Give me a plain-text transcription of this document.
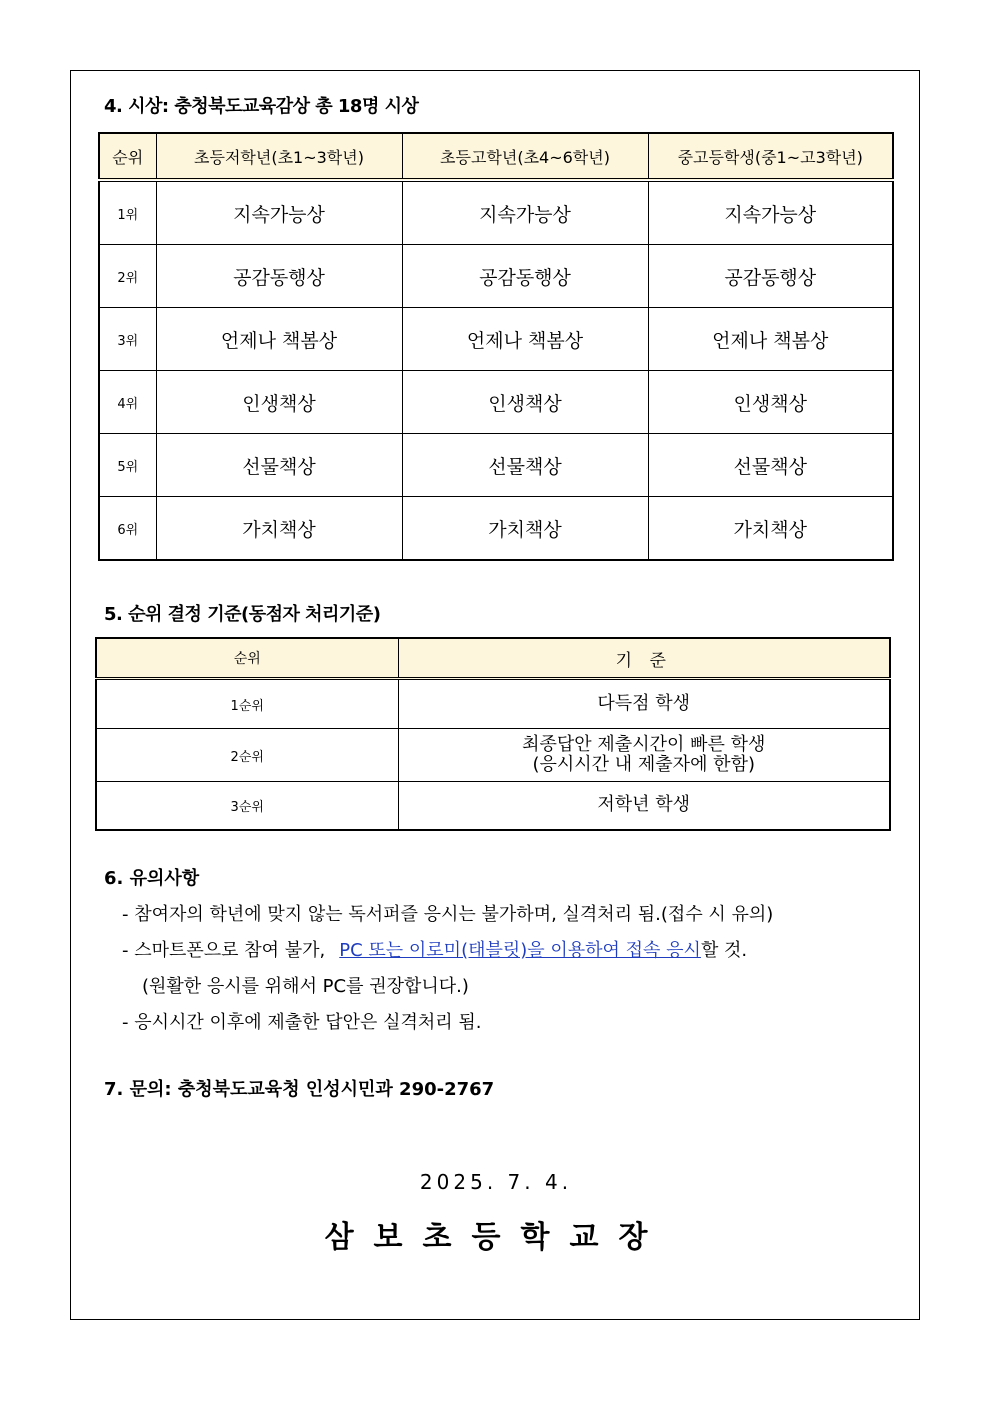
4. 시상: 충청북도교육감상 총 18명 시상
순위	초등저학년(초1~3학년)	초등고학년(초4~6학년)	중고등학생(중1~고3학년)
1위	지속가능상	지속가능상	지속가능상
2위	공감동행상	공감동행상	공감동행상
3위	언제나 책봄상	언제나 책봄상	언제나 책봄상
4위	인생책상	인생책상	인생책상
5위	선물책상	선물책상	선물책상
6위	가치책상	가치책상	가치책상
5. 순위 결정 기준(동점자 처리기준)
순위	기 준
1순위	다득점 학생

2순위	최종답안 제출시간이 빠른 학생
(응시시간 내 제출자에 한함)

3순위	저학년 학생
6. 유의사항
- 참여자의 학년에 맞지 않는 독서퍼즐 응시는 불가하며, 실격처리 됨.(접수 시 유의)
- 스마트폰으로 참여 불가, PC 또는 이로미(태블릿)을 이용하여 접속 응시할 것.
(원활한 응시를 위해서 PC를 권장합니다.)
- 응시시간 이후에 제출한 답안은 실격처리 됨.
7. 문의: 충청북도교육청 인성시민과 290-2767
2025. 7. 4.
삼보초등학교장
